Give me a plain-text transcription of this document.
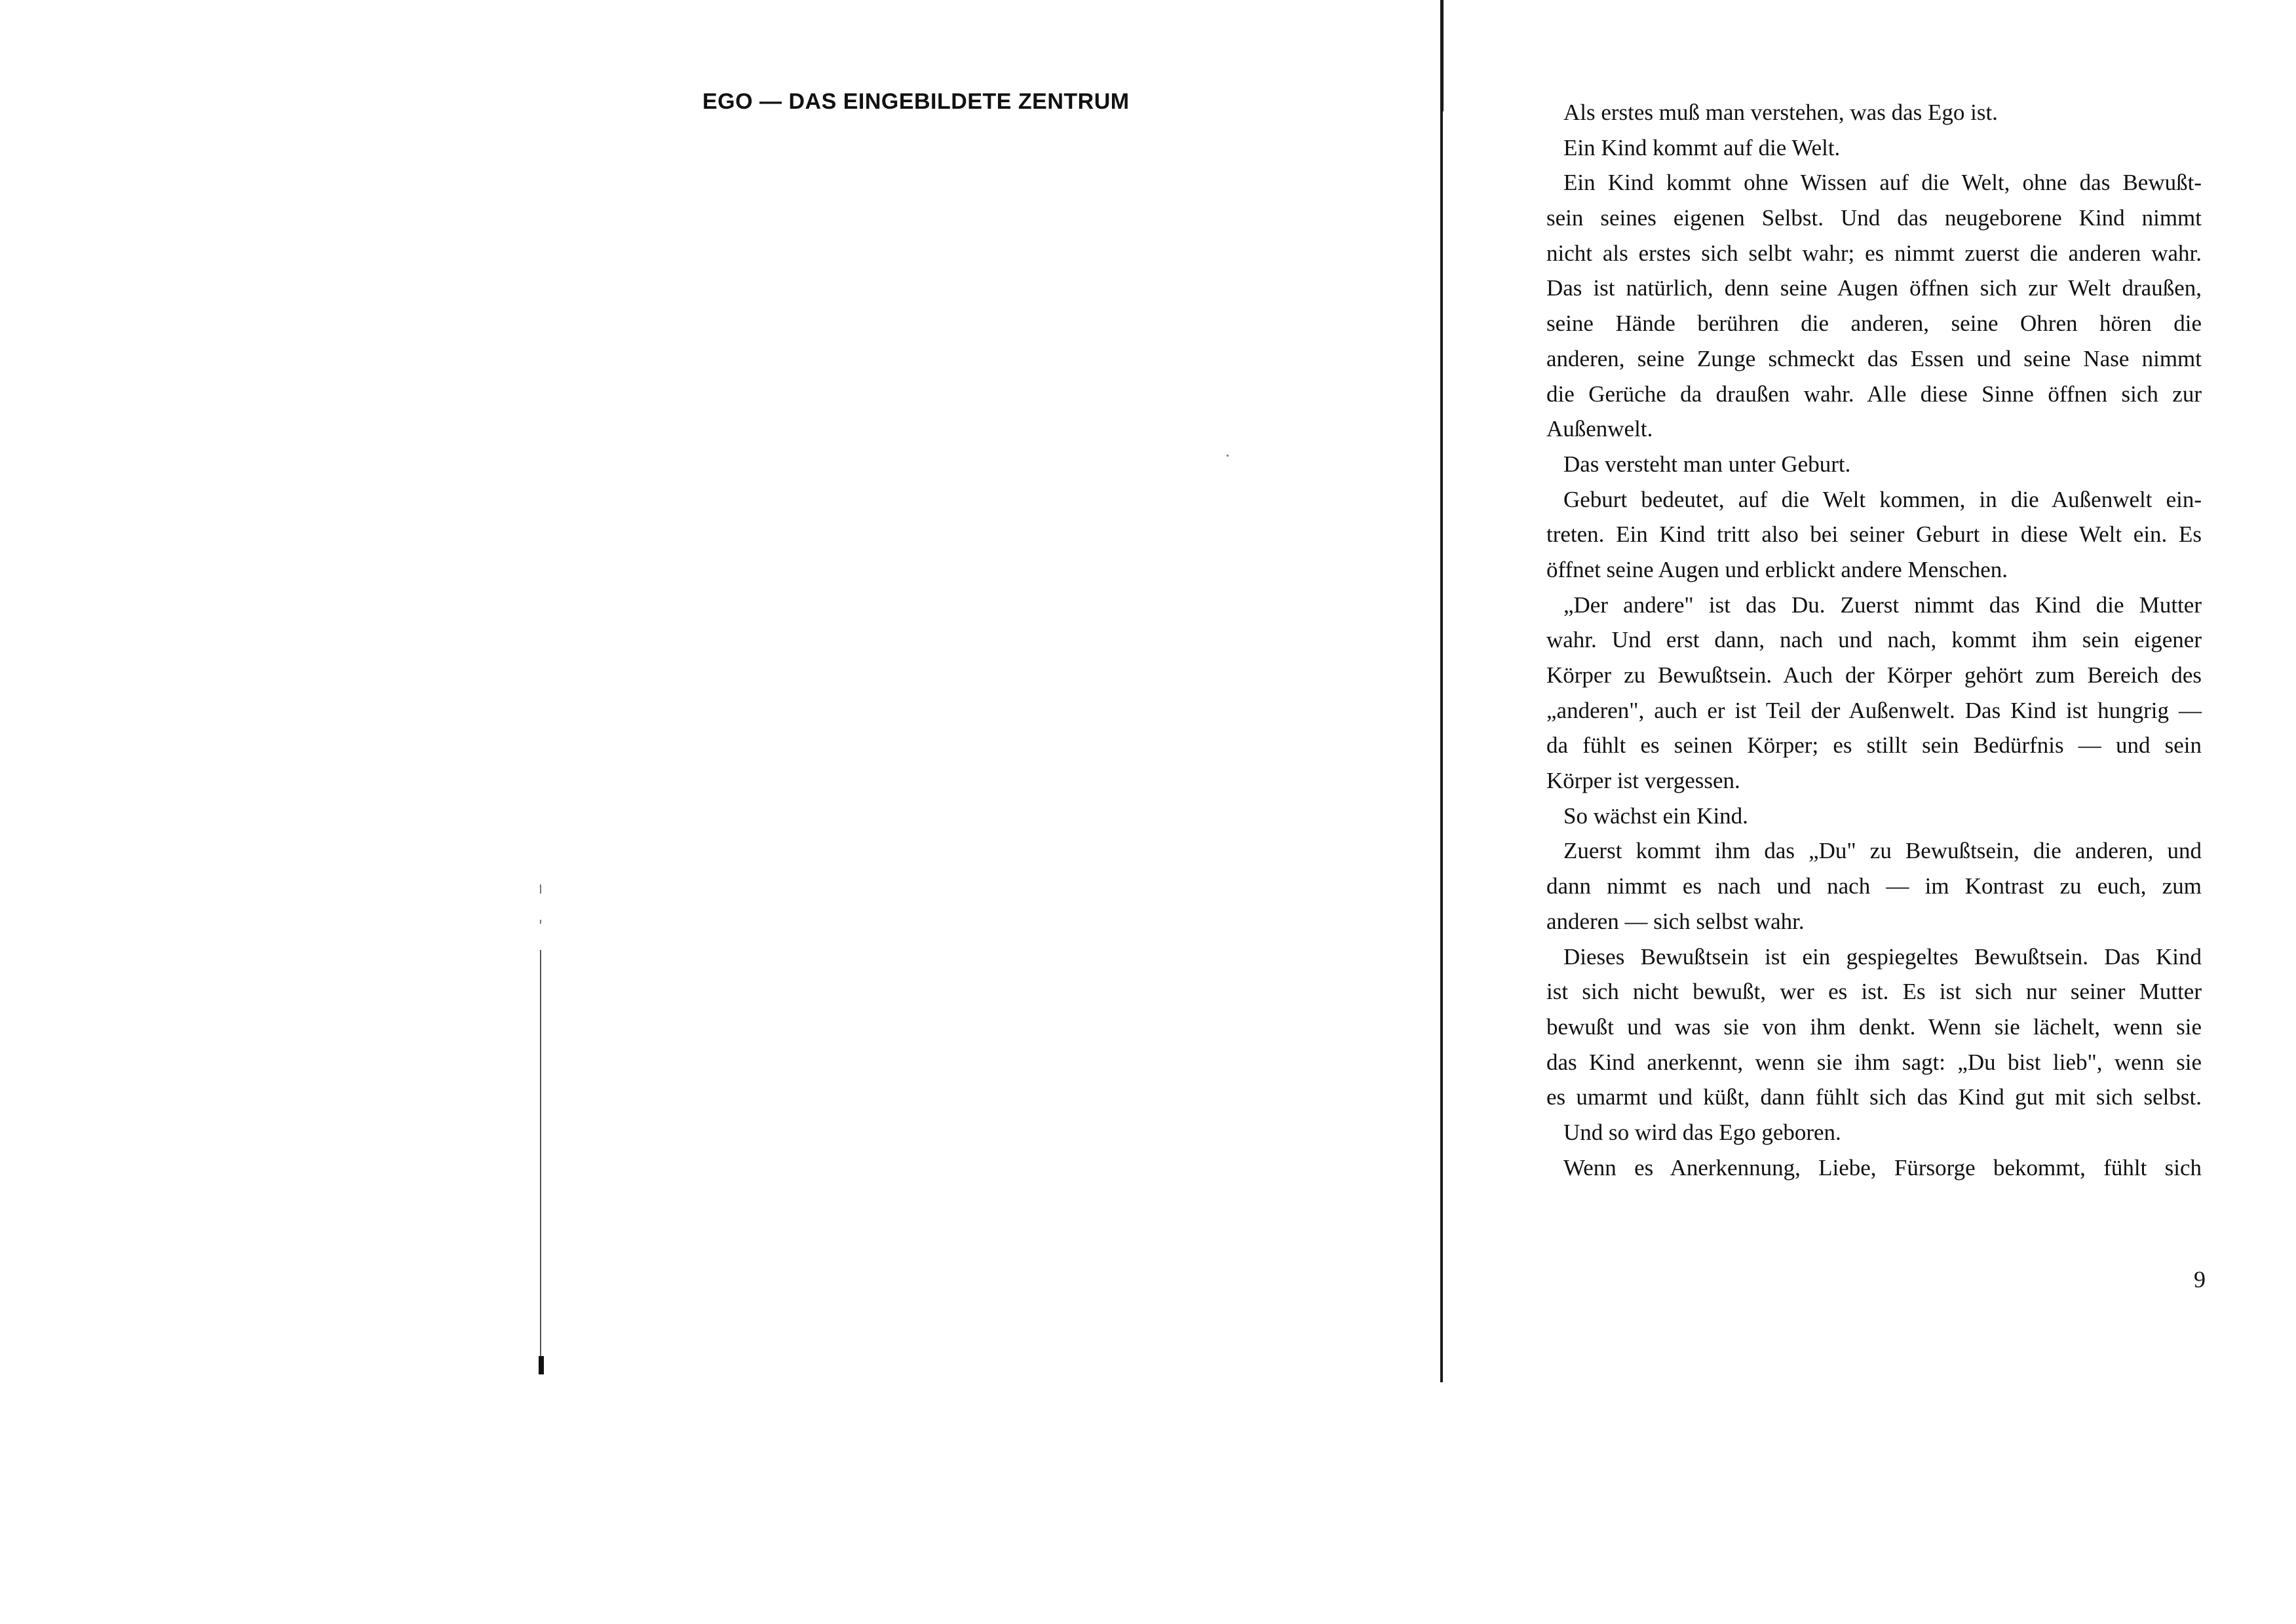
EGO — DAS EINGEBILDETE ZENTRUM	Als erstes muß man verstehen, was das Ego ist.
Ein Kind kommt auf die Welt.
Ein Kind kommt ohne Wissen auf die Welt, ohne das Bewußt-
sein seines eigenen Selbst. Und das neugeborene Kind nimmt
nicht als erstes sich selbt wahr; es nimmt zuerst die anderen wahr.
Das ist natürlich, denn seine Augen öffnen sich zur Welt draußen,
seine Hände berühren die anderen, seine Ohren hören die
anderen, seine Zunge schmeckt das Essen und seine Nase nimmt
die Gerüche da draußen wahr. Alle diese Sinne öffnen sich zur
Außenwelt.
Das versteht man unter Geburt.
Geburt bedeutet, auf die Welt kommen, in die Außenwelt ein-
treten. Ein Kind tritt also bei seiner Geburt in diese Welt ein. Es
öffnet seine Augen und erblickt andere Menschen.
„Der andere" ist das Du. Zuerst nimmt das Kind die Mutter
wahr. Und erst dann, nach und nach, kommt ihm sein eigener
Körper zu Bewußtsein. Auch der Körper gehört zum Bereich des
„anderen", auch er ist Teil der Außenwelt. Das Kind ist hungrig —
da fühlt es seinen Körper; es stillt sein Bedürfnis — und sein
Körper ist vergessen.
So wächst ein Kind.
Zuerst kommt ihm das „Du" zu Bewußtsein, die anderen, und
dann nimmt es nach und nach — im Kontrast zu euch, zum
anderen — sich selbst wahr.
Dieses Bewußtsein ist ein gespiegeltes Bewußtsein. Das Kind
ist sich nicht bewußt, wer es ist. Es ist sich nur seiner Mutter
bewußt und was sie von ihm denkt. Wenn sie lächelt, wenn sie
das Kind anerkennt, wenn sie ihm sagt: „Du bist lieb", wenn sie
es umarmt und küßt, dann fühlt sich das Kind gut mit sich selbst.
Und so wird das Ego geboren.
Wenn es Anerkennung, Liebe, Fürsorge bekommt, fühlt sich
9
